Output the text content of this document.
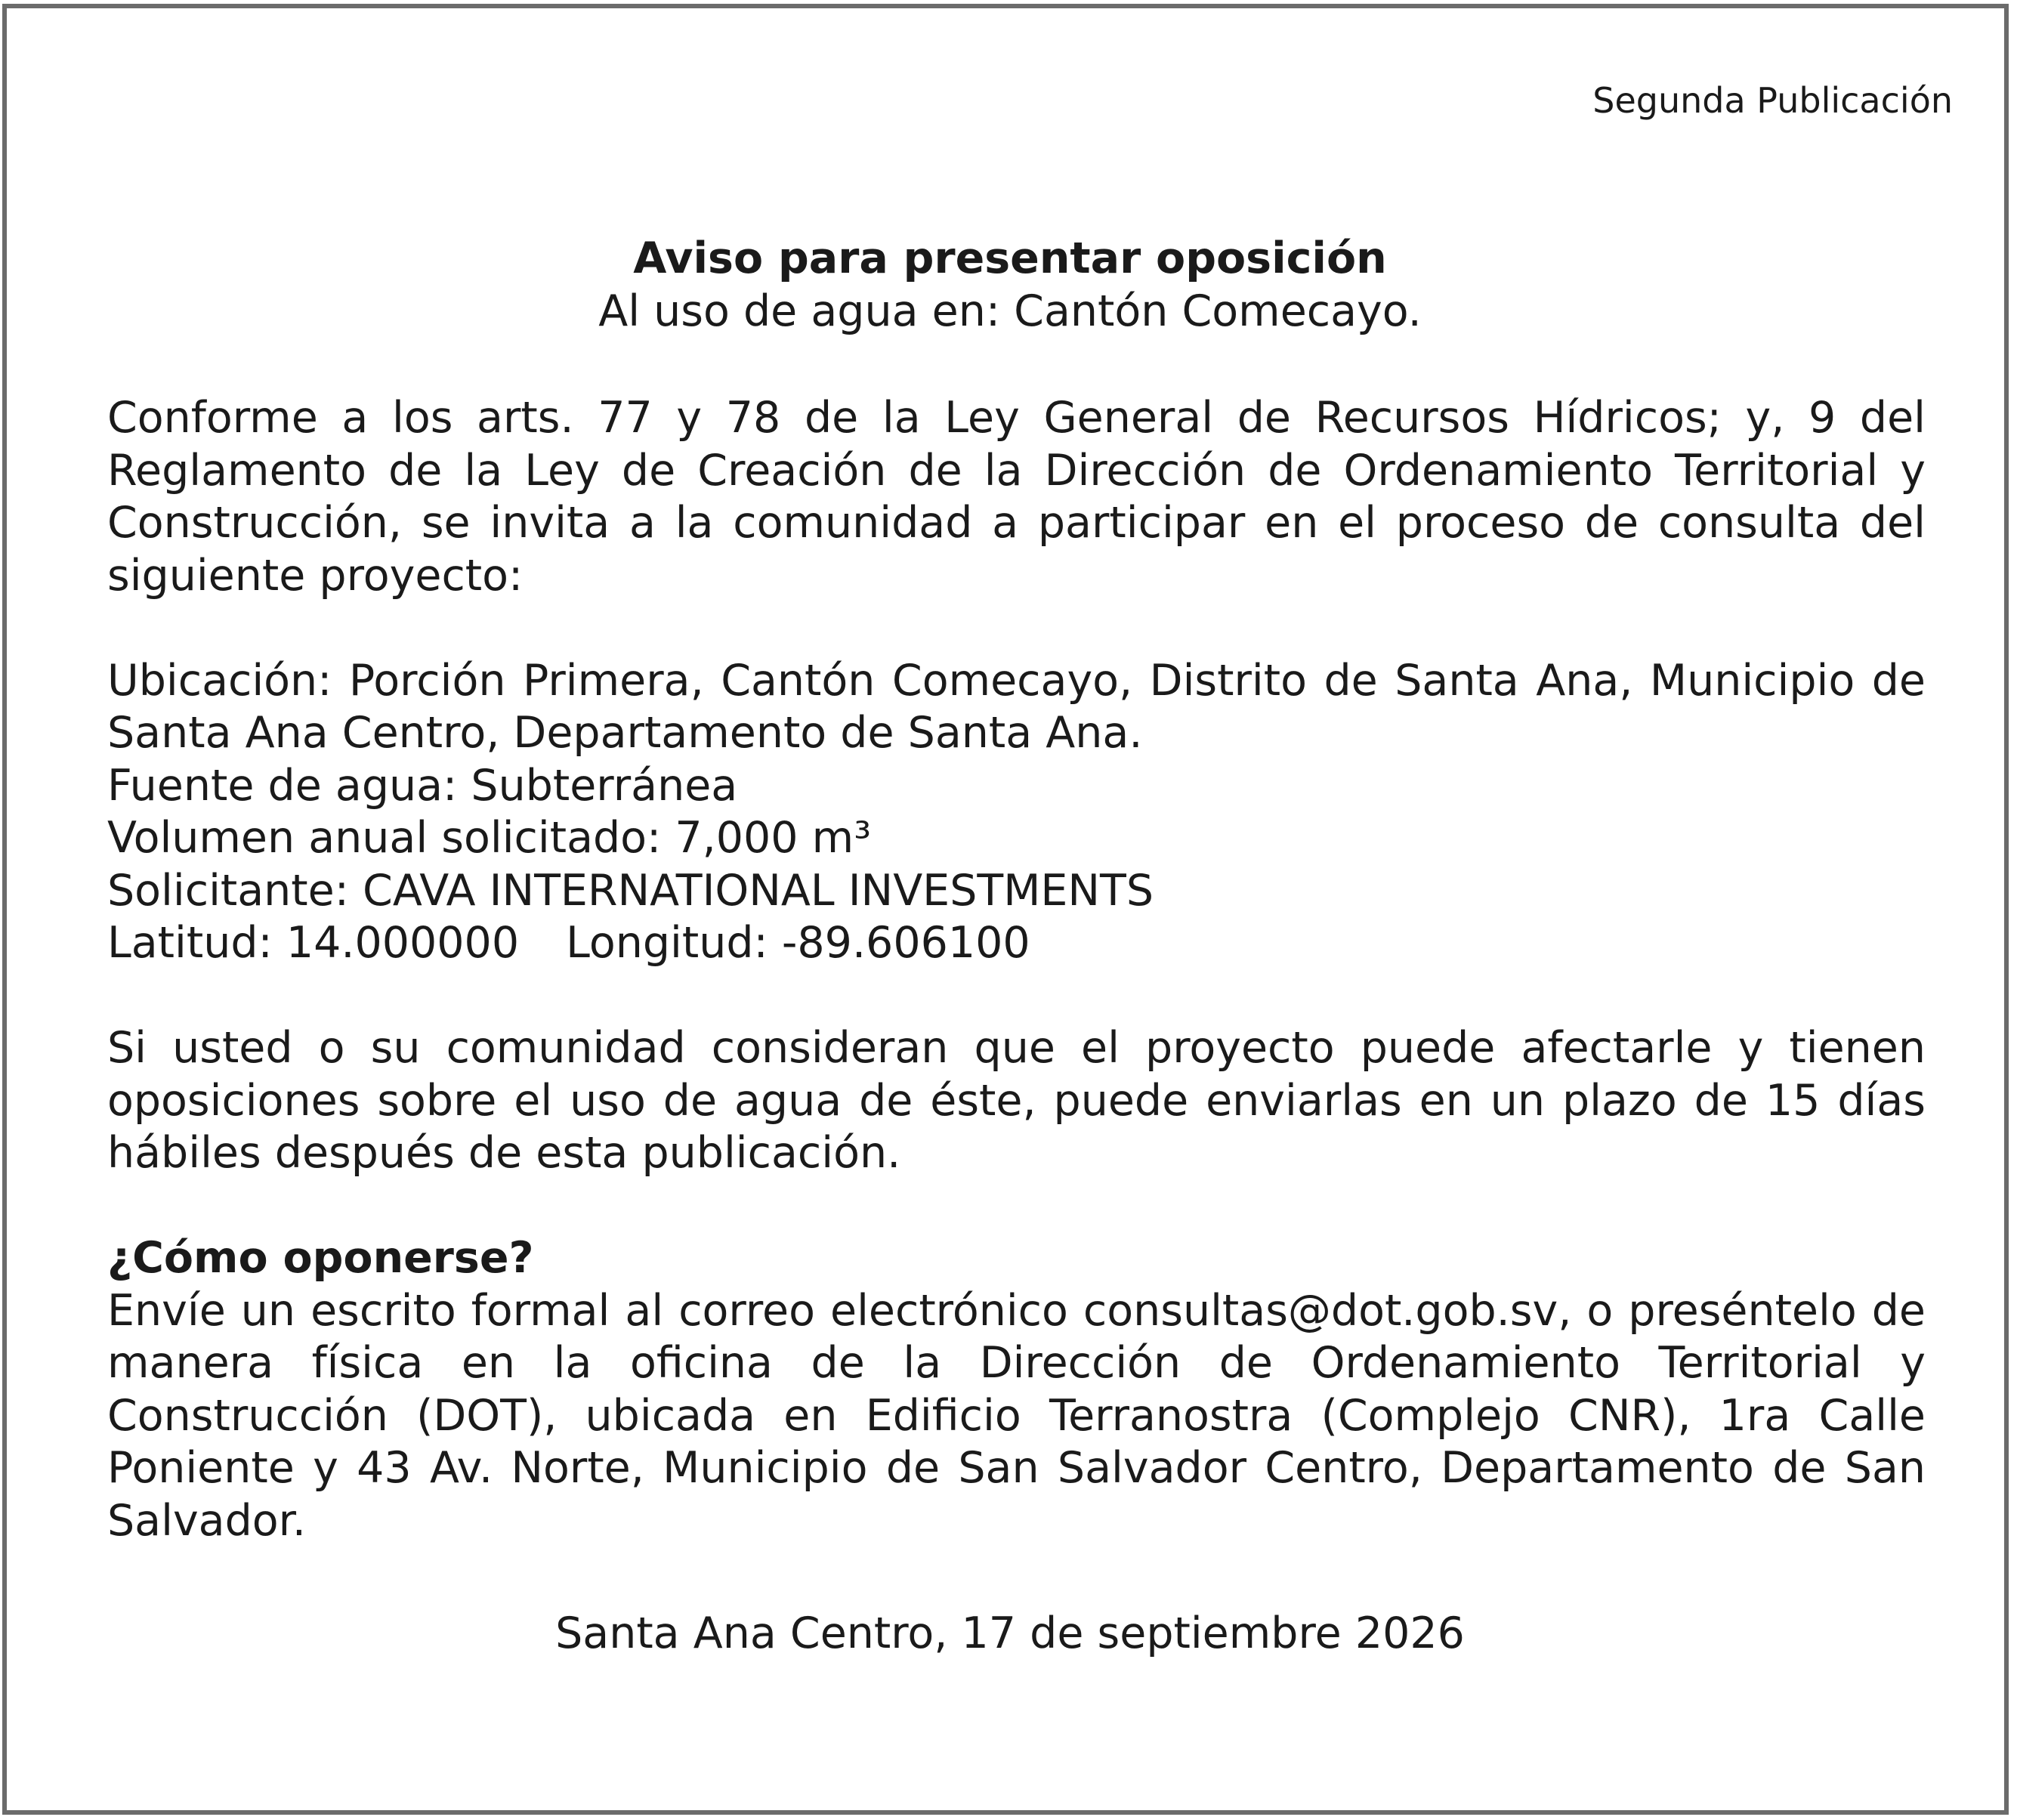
Segunda Publicación
Aviso para presentar oposición
Al uso de agua en: Cantón Comecayo.

Conforme a los arts. 77 y 78 de la Ley General de Recursos Hídricos; y, 9 del Reglamento de la Ley de Creación de la Dirección de Ordenamiento Territorial y Construcción, se invita a la comunidad a participar en el proceso de consulta del siguiente proyecto:

Ubicación: Porción Primera, Cantón Comecayo, Distrito de Santa Ana, Municipio de Santa Ana Centro, Departamento de Santa Ana.

Fuente de agua: Subterránea

Volumen anual solicitado: 7,000 m³

Solicitante: CAVA INTERNATIONAL INVESTMENTS

Latitud: 14.000000 Longitud: -89.606100

Si usted o su comunidad consideran que el proyecto puede afectarle y tienen oposiciones sobre el uso de agua de éste, puede enviarlas en un plazo de 15 días hábiles después de esta publicación.

¿Cómo oponerse?

Envíe un escrito formal al correo electrónico consultas@dot.gob.sv, o preséntelo de manera física en la oficina de la Dirección de Ordenamiento Territorial y Construcción (DOT), ubicada en Edificio Terranostra (Complejo CNR), 1ra Calle Poniente y 43 Av. Norte, Municipio de San Salvador Centro, Departamento de San Salvador.

Santa Ana Centro, 17 de septiembre 2026
